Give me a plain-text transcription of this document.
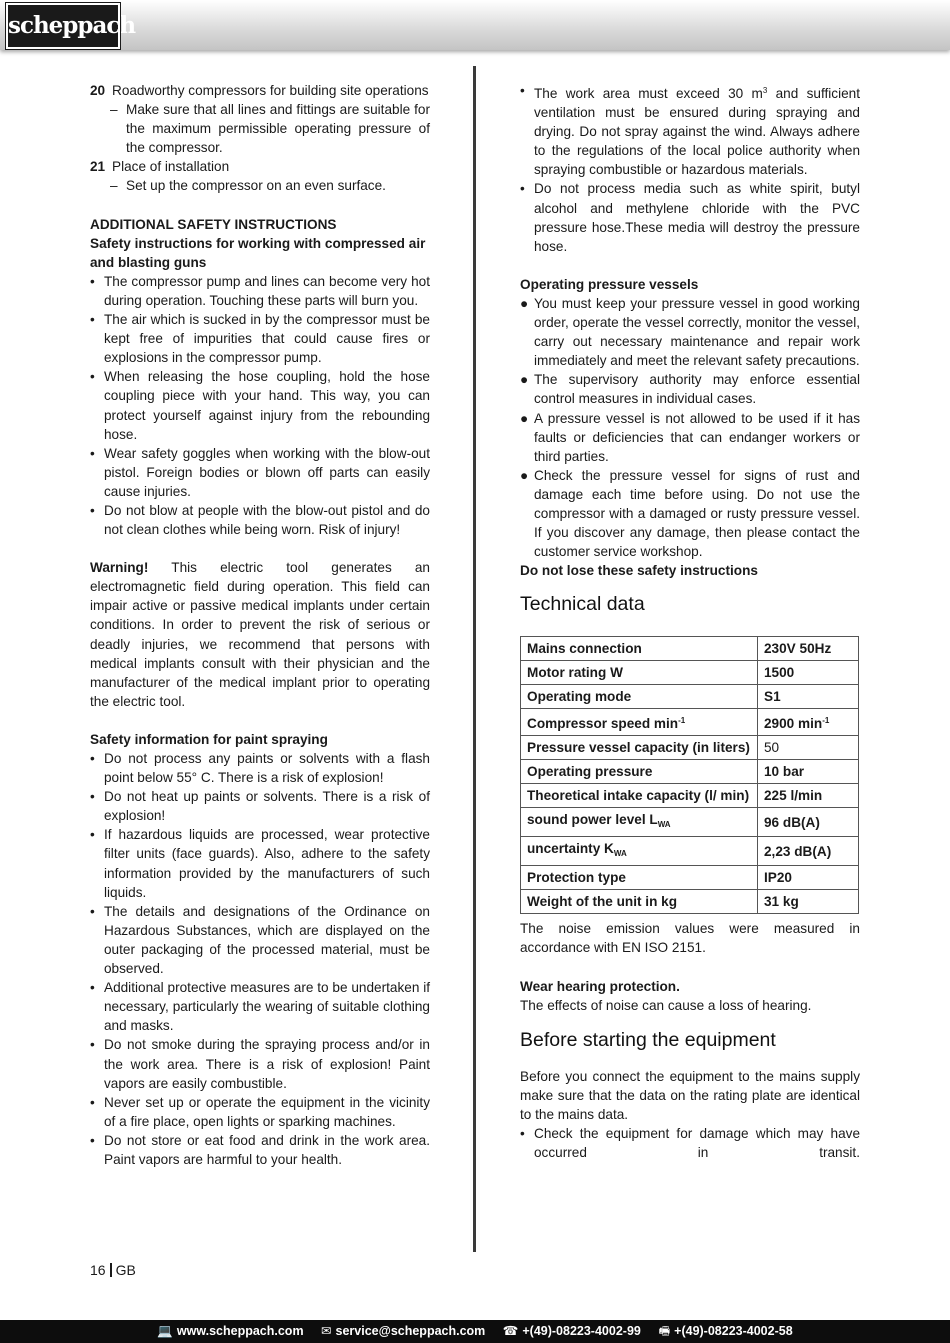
scheppach
20 Roadworthy compressors for building site operations

– Make sure that all lines and fittings are suitable for the maximum permissible operating pressure of the compressor.

21 Place of installation

– Set up the compressor on an even surface.

ADDITIONAL SAFETY INSTRUCTIONS

Safety instructions for working with compressed air and blasting guns

• The compressor pump and lines can become very hot during operation. Touching these parts will burn you.

• The air which is sucked in by the compressor must be kept free of impurities that could cause fires or explosions in the compressor pump.

• When releasing the hose coupling, hold the hose coupling piece with your hand. This way, you can protect yourself against injury from the rebounding hose.

• Wear safety goggles when working with the blow-out pistol. Foreign bodies or blown off parts can easily cause injuries.

• Do not blow at people with the blow-out pistol and do not clean clothes while being worn. Risk of injury!

Warning! This electric tool generates an electromagnetic field during operation. This field can impair active or passive medical implants under certain conditions. In order to prevent the risk of serious or deadly injuries, we recommend that persons with medical implants consult with their physician and the manufacturer of the medical implant prior to operating the electric tool.

Safety information for paint spraying

• Do not process any paints or solvents with a flash point below 55° C. There is a risk of explosion!

• Do not heat up paints or solvents. There is a risk of explosion!

• If hazardous liquids are processed, wear protective filter units (face guards). Also, adhere to the safety information provided by the manufacturers of such liquids.

• The details and designations of the Ordinance on Hazardous Substances, which are displayed on the outer packaging of the processed material, must be observed.

• Additional protective measures are to be undertaken if necessary, particularly the wearing of suitable clothing and masks.

• Do not smoke during the spraying process and/or in the work area. There is a risk of explosion! Paint vapors are easily combustible.

• Never set up or operate the equipment in the vicinity of a fire place, open lights or sparking machines.

• Do not store or eat food and drink in the work area. Paint vapors are harmful to your health.

• The work area must exceed 30 $m^3$ and sufficient ventilation must be ensured during spraying and drying. Do not spray against the wind. Always adhere to the regulations of the local police authority when spraying combustible or hazardous materials.

• Do not process media such as white spirit, butyl alcohol and methylene chloride with the PVC pressure hose.These media will destroy the pressure hose.

Operating pressure vessels

● You must keep your pressure vessel in good working order, operate the vessel correctly, monitor the vessel, carry out necessary maintenance and repair work immediately and meet the relevant safety precautions.

● The supervisory authority may enforce essential control measures in individual cases.

● A pressure vessel is not allowed to be used if it has faults or deficiencies that can endanger workers or third parties.

● Check the pressure vessel for signs of rust and damage each time before using. Do not use the compressor with a damaged or rusty pressure vessel. If you discover any damage, then please contact the customer service workshop.

Do not lose these safety instructions

Technical data
Mains connection	230V 50Hz
Motor rating W	1500
Operating mode	S1
Compressor speed $\min^{-1}$	2900 $\min^{-1}$
Pressure vessel capacity (in liters)	50
Operating pressure	10 bar
Theoretical intake capacity (l/ min)	225 l/min
sound power level $L_{WA}$	96 dB(A)
uncertainty $K_{WA}$	2,23 dB(A)
Protection type	IP20
Weight of the unit in kg	31 kg

The noise emission values were measured in accordance with EN ISO 2151.

Wear hearing protection.

The effects of noise can cause a loss of hearing.

Before starting the equipment

Before you connect the equipment to the mains supply make sure that the data on the rating plate are identical to the mains data.

• Check the equipment for damage which may have occurred in transit.

16 GB
💻 www.scheppach.com ✉ service@scheppach.com ☎ +(49)-08223-4002-99 🖷 +(49)-08223-4002-58
